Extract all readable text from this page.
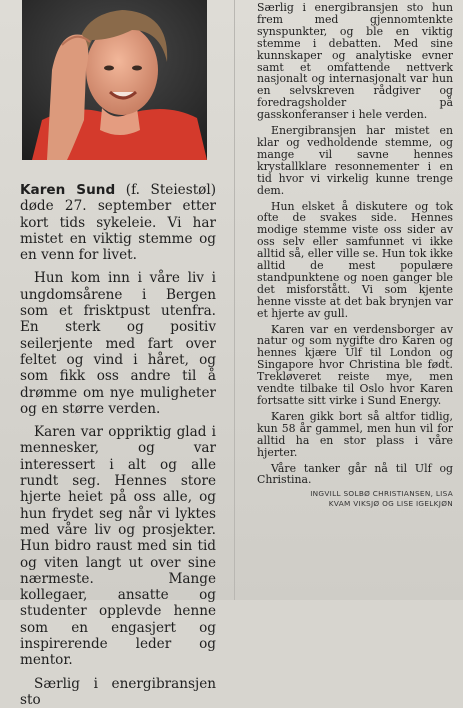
Karen Sund (f. Steiestøl) døde 27. september etter kort tids sykeleie. Vi har mistet en viktig stemme og en venn for livet.

Hun kom inn i våre liv i ungdomsårene i Bergen som et frisktpust utenfra. En sterk og positiv seilerjente med fart over feltet og vind i håret, og som fikk oss andre til å drømme om nye muligheter og en større verden.

Karen var oppriktig glad i mennesker, og var interessert i alt og alle rundt seg. Hennes store hjerte heiet på oss alle, og hun frydet seg når vi lyktes med våre liv og prosjekter. Hun bidro raust med sin tid og viten langt ut over sine nærmeste. Mange kollegaer, ansatte og studenter opplevde henne som en engasjert og inspirerende leder og mentor.

Særlig i energibransjen sto

Særlig i energibransjen sto hun frem med gjennomtenkte synspunkter, og ble en viktig stemme i debatten. Med sine kunnskaper og analytiske evner samt et omfattende nettverk nasjonalt og internasjonalt var hun en selvskreven rådgiver og foredragsholder på gasskonferanser i hele verden.

Energibransjen har mistet en klar og vedholdende stemme, og mange vil savne hennes krystallklare resonnementer i en tid hvor vi virkelig kunne trenge dem.

Hun elsket å diskutere og tok ofte de svakes side. Hennes modige stemme viste oss sider av oss selv eller samfunnet vi ikke alltid så, eller ville se. Hun tok ikke alltid de mest populære standpunktene og noen ganger ble det misforstått. Vi som kjente henne visste at det bak brynjen var et hjerte av gull.

Karen var en verdensborger av natur og som nygifte dro Karen og hennes kjære Ulf til London og Singapore hvor Christina ble født. Trekløveret reiste mye, men vendte tilbake til Oslo hvor Karen fortsatte sitt virke i Sund Energy.

Karen gikk bort så altfor tidlig, kun 58 år gammel, men hun vil for alltid ha en stor plass i våre hjerter.

Våre tanker går nå til Ulf og Christina.

INGVILL SOLBØ CHRISTIANSEN, LISA
KVAM VIKSJØ OG LISE IGELKJØN
